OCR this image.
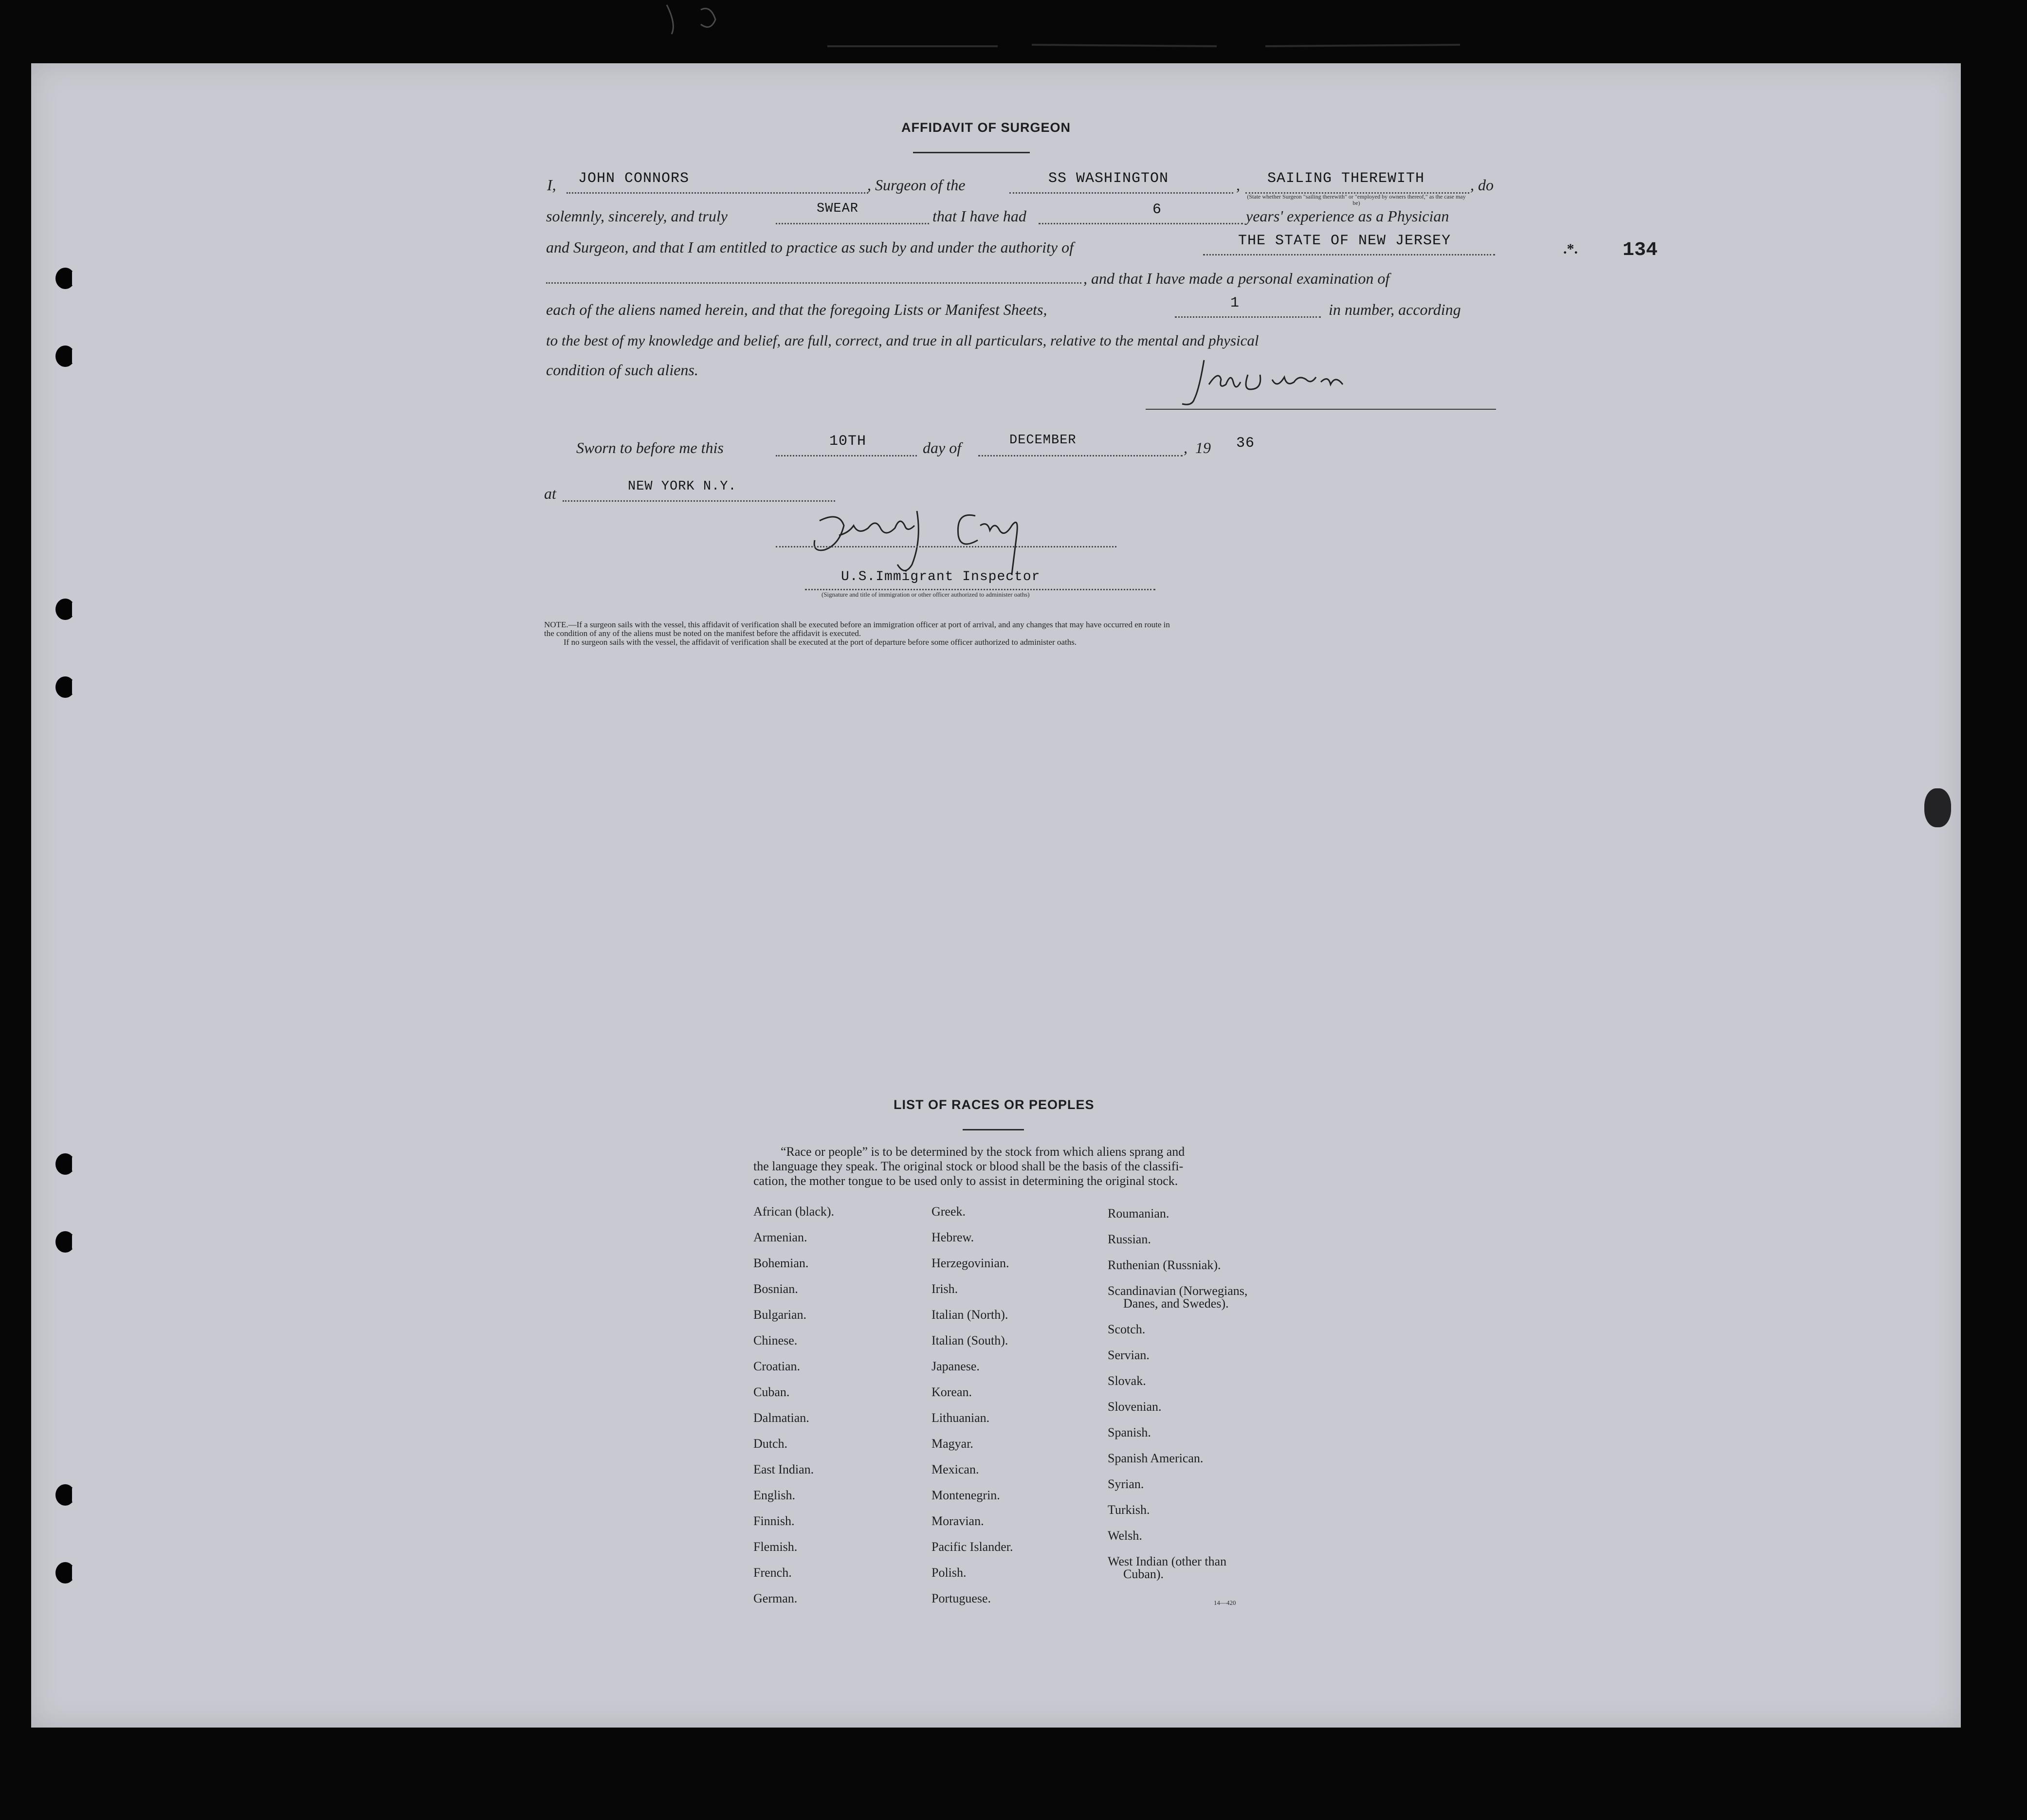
.*. 134
AFFIDAVIT OF SURGEON
I, JOHN CONNORS	, Surgeon of the	SS WASHINGTON	, SAILING THEREWITH	, do
(State whether Surgeon "sailing therewith" or "employed by owners thereof," as the case may be)
solemnly, sincerely, and truly	SWEAR	that I have had	6	years' experience as a Physician
and Surgeon, and that I am entitled to practice as such by and under the authority of	THE STATE OF NEW JERSEY
, and that I have made a personal examination of
each of the aliens named herein, and that the foregoing Lists or Manifest Sheets,	1	in number, according
to the best of my knowledge and belief, are full, correct, and true in all particulars, relative to the mental and physical
condition of such aliens.
Sworn to before me this	10TH	day of	DECEMBER	, 19 36
at	NEW YORK N.Y.
U.S.Immigrant Inspector
(Signature and title of immigration or other officer authorized to administer oaths)
NOTE.—If a surgeon sails with the vessel, this affidavit of verification shall be executed before an immigration officer at port of arrival, and any changes that may have occurred en route in
the condition of any of the aliens must be noted on the manifest before the affidavit is executed.
If no surgeon sails with the vessel, the affidavit of verification shall be executed at the port of departure before some officer authorized to administer oaths.
LIST OF RACES OR PEOPLES
“Race or people” is to be determined by the stock from which aliens sprang and
the language they speak. The original stock or blood shall be the basis of the classifi-
cation, the mother tongue to be used only to assist in determining the original stock.
African (black).
Armenian.
Bohemian.
Bosnian.
Bulgarian.
Chinese.
Croatian.
Cuban.
Dalmatian.
Dutch.
East Indian.
English.
Finnish.
Flemish.
French.
German.
Greek.
Hebrew.
Herzegovinian.
Irish.
Italian (North).
Italian (South).
Japanese.
Korean.
Lithuanian.
Magyar.
Mexican.
Montenegrin.
Moravian.
Pacific Islander.
Polish.
Portuguese.
Roumanian.
Russian.
Ruthenian (Russniak).
Scandinavian (Norwegians,
Danes, and Swedes).
Scotch.
Servian.
Slovak.
Slovenian.
Spanish.
Spanish American.
Syrian.
Turkish.
Welsh.
West Indian (other than
Cuban).
14—420
